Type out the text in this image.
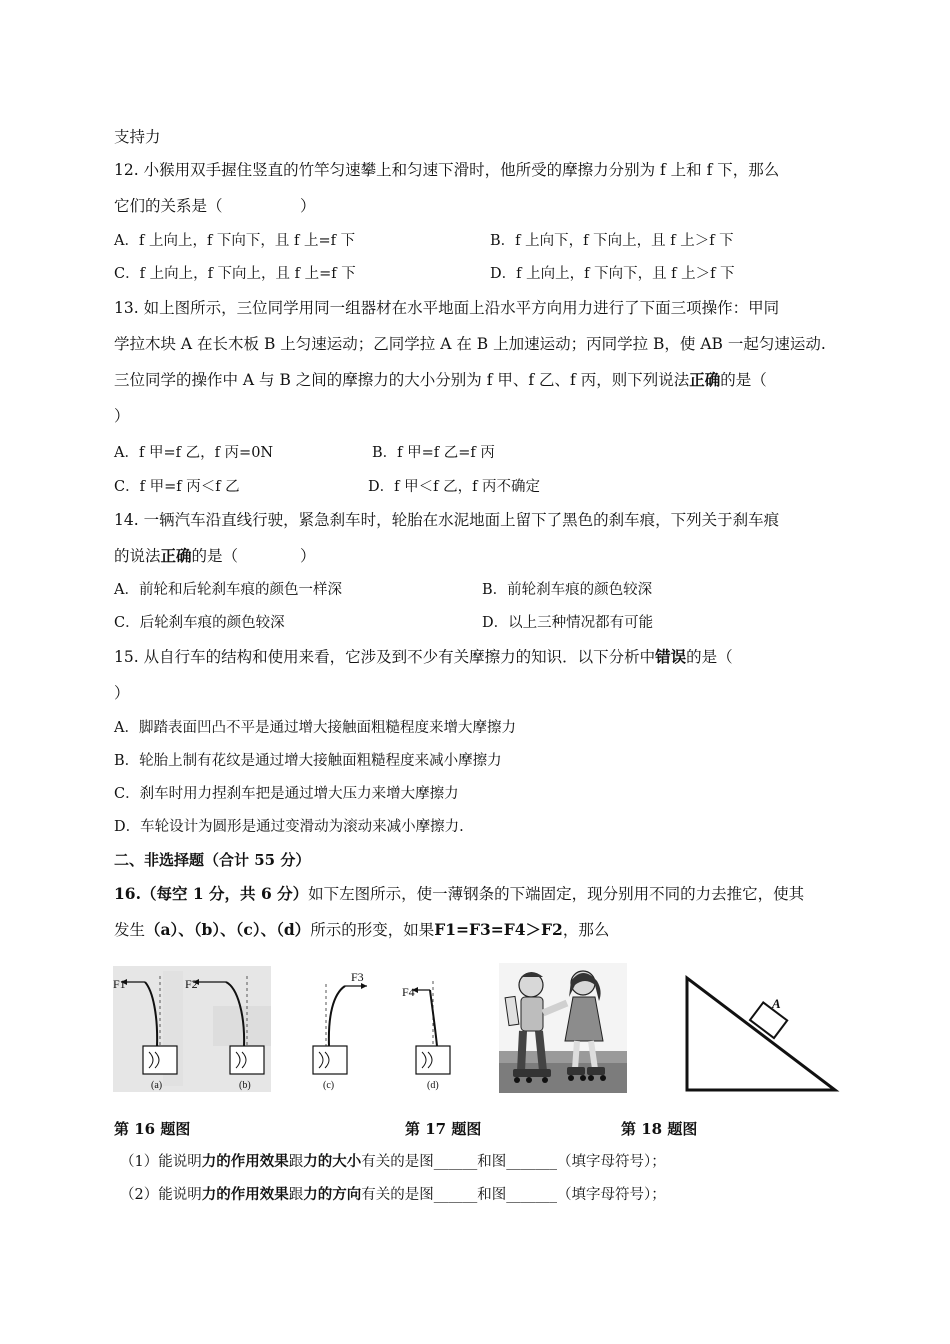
支持力
12. 小猴用双手握住竖直的竹竿匀速攀上和匀速下滑时，他所受的摩擦力分别为 f 上和 f 下，那么
它们的关系是（　　　　　）
A．f 上向上，f 下向下，且 f 上=f 下	B．f 上向下，f 下向上，且 f 上＞f 下
C．f 上向上，f 下向上，且 f 上=f 下	D．f 上向上，f 下向下，且 f 上＞f 下
13. 如上图所示，三位同学用同一组器材在水平地面上沿水平方向用力进行了下面三项操作：甲同
学拉木块 A 在长木板 B 上匀速运动；乙同学拉 A 在 B 上加速运动；丙同学拉 B，使 AB 一起匀速运动.
三位同学的操作中 A 与 B 之间的摩擦力的大小分别为 f 甲、f 乙、f 丙，则下列说法正确的是（
）
A．f 甲=f 乙，f 丙=0N	B．f 甲=f 乙=f 丙
C．f 甲=f 丙＜f 乙	D．f 甲＜f 乙，f 丙不确定
14. 一辆汽车沿直线行驶，紧急刹车时，轮胎在水泥地面上留下了黑色的刹车痕，下列关于刹车痕
的说法正确的是（　　　　）
A．前轮和后轮刹车痕的颜色一样深	B．前轮刹车痕的颜色较深
C．后轮刹车痕的颜色较深	D．以上三种情况都有可能
15. 从自行车的结构和使用来看，它涉及到不少有关摩擦力的知识．以下分析中错误的是（
）
A．脚踏表面凹凸不平是通过增大接触面粗糙程度来增大摩擦力
B．轮胎上制有花纹是通过增大接触面粗糙程度来减小摩擦力
C．刹车时用力捏刹车把是通过增大压力来增大摩擦力
D．车轮设计为圆形是通过变滑动为滚动来减小摩擦力.
二、非选择题（合计 55 分）
16.（每空 1 分，共 6 分）如下左图所示，使一薄钢条的下端固定，现分别用不同的力去推它，使其
发生（a）、（b）、（c）、（d）所示的形变，如果F1=F3=F4＞F2，那么
F1
(a)
F2
(b)
F3
(c)
F4
(d)
A
第 16 题图	第 17 题图	第 18 题图
（1）能说明力的作用效果跟力的大小有关的是图______和图_______（填字母符号）；
（2）能说明力的作用效果跟力的方向有关的是图______和图_______（填字母符号）；
